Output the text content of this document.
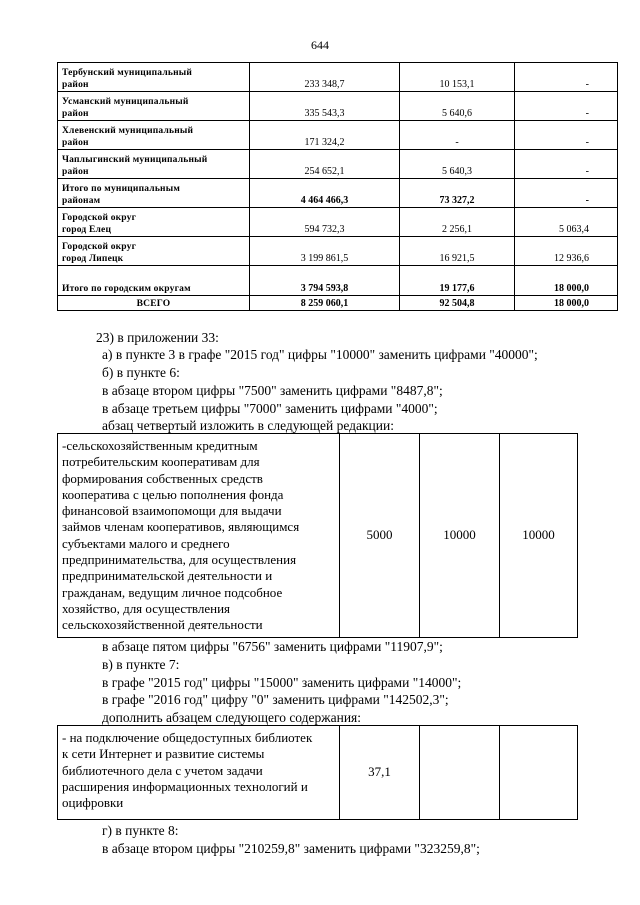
644
Тербунский муниципальный
район	233 348,7	10 153,1	-

Усманский муниципальный
район	335 543,3	5 640,6	-

Хлевенский муниципальный
район	171 324,2	-	-

Чаплыгинский муниципальный
район	254 652,1	5 640,3	-

Итого по муниципальным
районам	4 464 466,3	73 327,2	-

Городской округ
город Елец	594 732,3	2 256,1	5 063,4

Городской округ
город Липецк	3 199 861,5	16 921,5	12 936,6

Итого по городским округам	3 794 593,8	19 177,6	18 000,0

ВСЕГО	8 259 060,1	92 504,8	18 000,0
23) в приложении 33:
а) в пункте 3 в графе "2015 год" цифры "10000" заменить цифрами "40000";
б) в пункте 6:
в абзаце втором цифры "7500" заменить цифрами "8487,8";
в абзаце третьем цифры "7000" заменить цифрами "4000";
абзац четвертый изложить в следующей редакции:
-сельскохозяйственным кредитным
потребительским кооперативам для
формирования собственных средств
кооператива с целью пополнения фонда
финансовой взаимопомощи для выдачи
займов членам кооперативов, являющимся
субъектами малого и среднего
предпринимательства, для осуществления
предпринимательской деятельности и
гражданам, ведущим личное подсобное
хозяйство, для осуществления
сельскохозяйственной деятельности
	5000	10000	10000
в абзаце пятом цифры "6756" заменить цифрами "11907,9";
в) в пункте 7:
в графе "2015 год" цифры "15000" заменить цифрами "14000";
в графе "2016 год" цифру "0" заменить цифрами "142502,3";
дополнить абзацем следующего содержания:
- на подключение общедоступных библиотек
к сети Интернет и развитие системы
библиотечного дела с учетом задачи
расширения информационных технологий и
оцифровки
	37,1		
г) в пункте 8:
в абзаце втором цифры "210259,8" заменить цифрами "323259,8";
